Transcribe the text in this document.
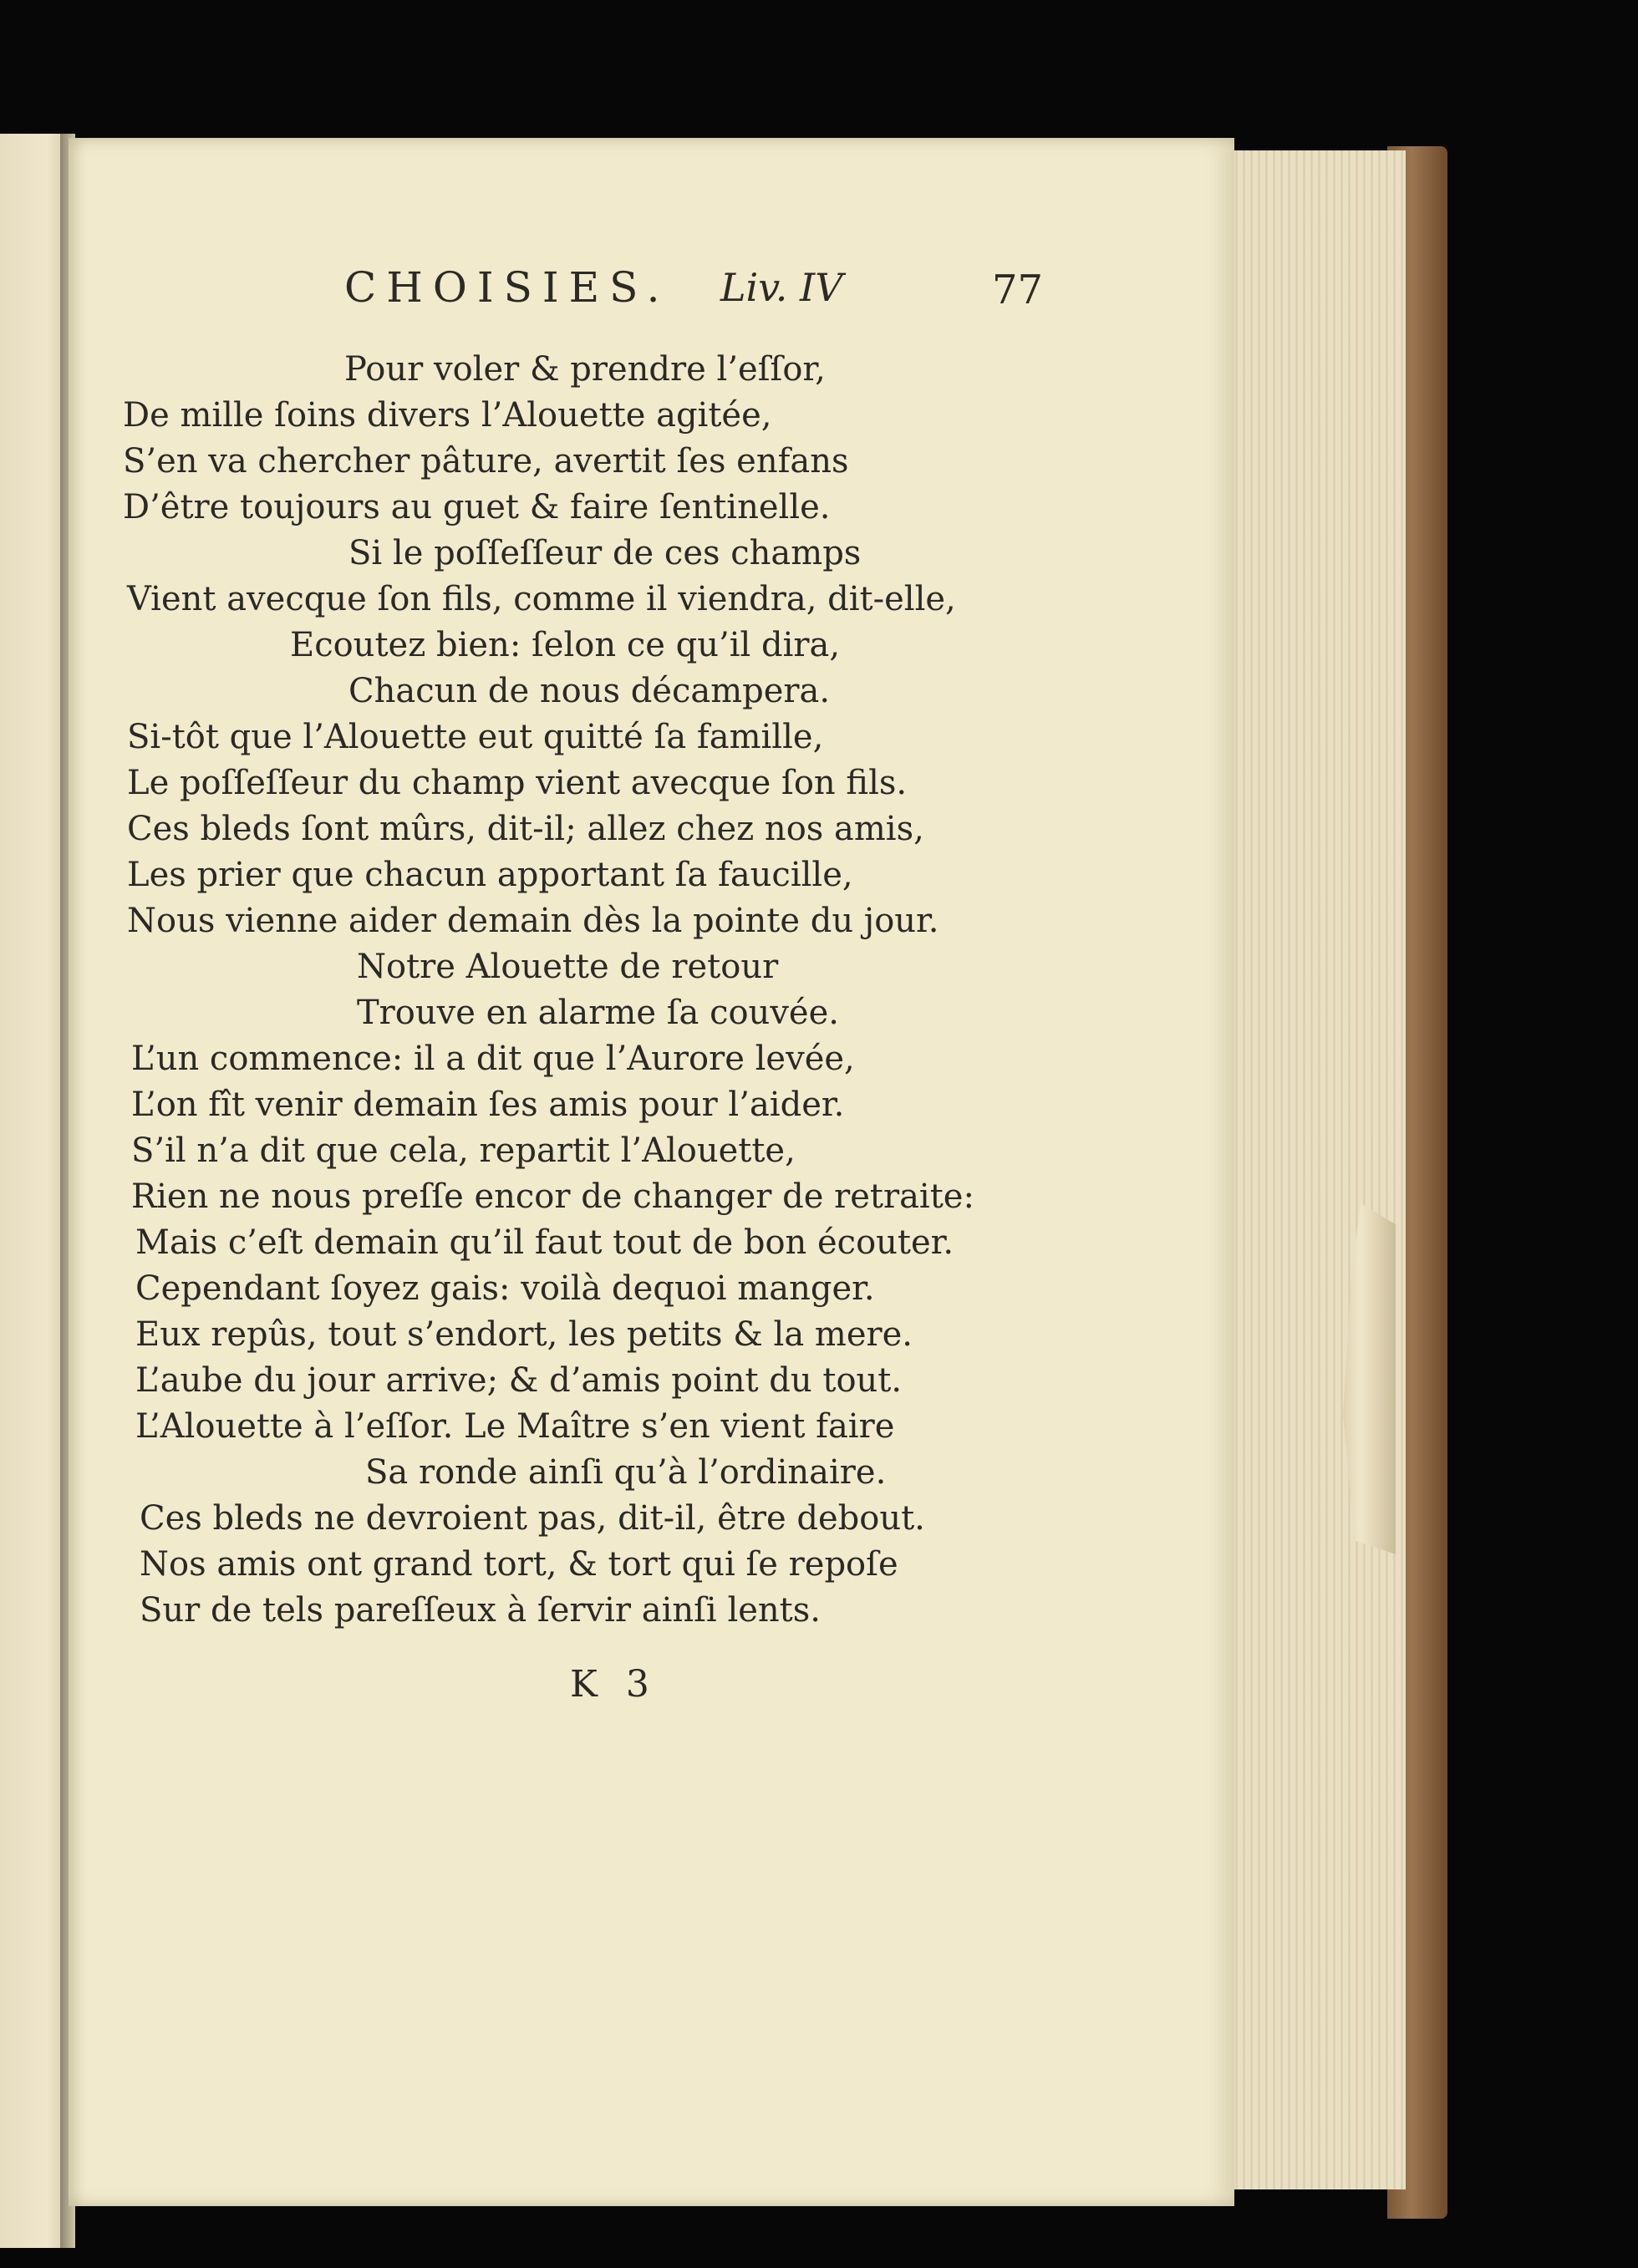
CHOISIES. Liv. IV	77
Pour voler & prendre l’eſſor,
De mille ſoins divers l’Alouette agitée,
S’en va chercher pâture, avertit ſes enfans
D’être toujours au guet & faire ſentinelle.
Si le poſſeſſeur de ces champs
Vient avecque ſon fils, comme il viendra, dit-elle,
Ecoutez bien: ſelon ce qu’il dira,
Chacun de nous décampera.
Si-tôt que l’Alouette eut quitté ſa famille,
Le poſſeſſeur du champ vient avecque ſon fils.
Ces bleds ſont mûrs, dit-il; allez chez nos amis,
Les prier que chacun apportant ſa faucille,
Nous vienne aider demain dès la pointe du jour.
Notre Alouette de retour
Trouve en alarme ſa couvée.
L’un commence: il a dit que l’Aurore levée,
L’on fît venir demain ſes amis pour l’aider.
S’il n’a dit que cela, repartit l’Alouette,
Rien ne nous preſſe encor de changer de retraite:
Mais c’eſt demain qu’il faut tout de bon écouter.
Cependant ſoyez gais: voilà dequoi manger.
Eux repûs, tout s’endort, les petits & la mere.
L’aube du jour arrive; & d’amis point du tout.
L’Alouette à l’eſſor. Le Maître s’en vient faire
Sa ronde ainſi qu’à l’ordinaire.
Ces bleds ne devroient pas, dit-il, être debout.
Nos amis ont grand tort, & tort qui ſe repoſe
Sur de tels pareſſeux à ſervir ainſi lents.
K 3
